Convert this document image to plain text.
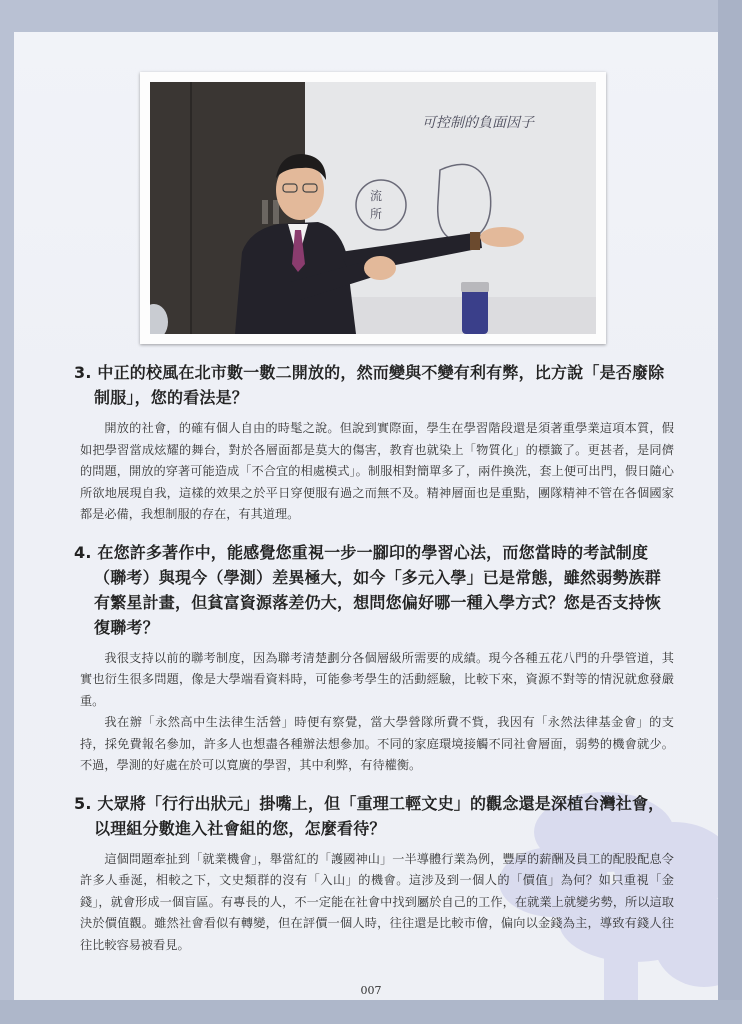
可控制的負面因子
流
所

3. 中正的校風在北市數一數二開放的，然而變與不變有利有弊，比方說「是否廢除制服」，您的看法是？

開放的社會，的確有個人自由的時髦之說。但說到實際面，學生在學習階段還是須著重學業這項本質，假如把學習當成炫耀的舞台，對於各層面都是莫大的傷害，教育也就染上「物質化」的標籤了。更甚者，是同儕的問題，開放的穿著可能造成「不合宜的相處模式」。制服相對簡單多了，兩件換洗，套上便可出門，假日隨心所欲地展現自我，這樣的效果之於平日穿便服有過之而無不及。精神層面也是重點，團隊精神不管在各個國家都是必備，我想制服的存在，有其道理。

4. 在您許多著作中，能感覺您重視一步一腳印的學習心法，而您當時的考試制度（聯考）與現今（學測）差異極大，如今「多元入學」已是常態，雖然弱勢族群有繁星計畫，但貧富資源落差仍大，想問您偏好哪一種入學方式？您是否支持恢復聯考？

我很支持以前的聯考制度，因為聯考清楚劃分各個層級所需要的成績。現今各種五花八門的升學管道，其實也衍生很多問題，像是大學端看資料時，可能參考學生的活動經驗，比較下來，資源不對等的情況就愈發嚴重。

我在辦「永然高中生法律生活營」時便有察覺，當大學營隊所費不貲，我因有「永然法律基金會」的支持，採免費報名參加，許多人也想盡各種辦法想參加。不同的家庭環境接觸不同社會層面，弱勢的機會就少。不過，學測的好處在於可以寬廣的學習，其中利弊，有待權衡。

5. 大眾將「行行出狀元」掛嘴上，但「重理工輕文史」的觀念還是深植台灣社會，以理組分數進入社會組的您，怎麼看待？

這個問題牽扯到「就業機會」，舉當紅的「護國神山」一半導體行業為例，豐厚的薪酬及員工的配股配息令許多人垂涎，相較之下，文史類群的沒有「入山」的機會。這涉及到一個人的「價值」為何？如只重視「金錢」，就會形成一個盲區。有專長的人，不一定能在社會中找到屬於自己的工作，在就業上就變劣勢，所以這取決於價值觀。雖然社會看似有轉變，但在評價一個人時，往往還是比較市儈，偏向以金錢為主，導致有錢人往往比較容易被看見。

007
